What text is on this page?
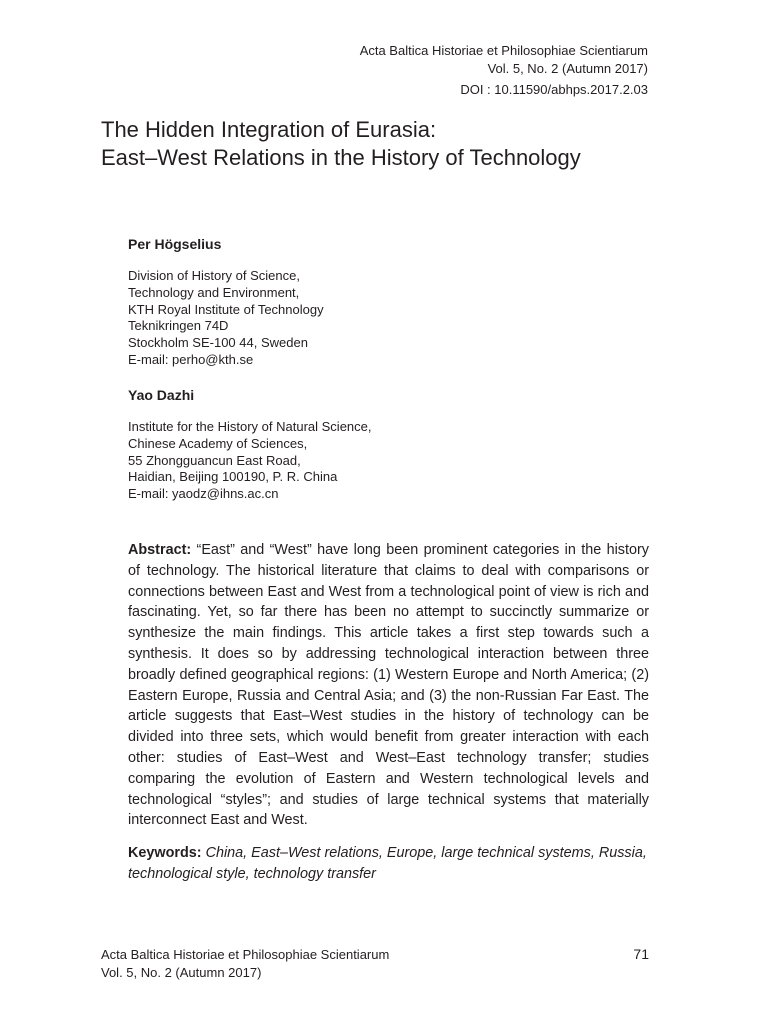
Acta Baltica Historiae et Philosophiae Scientiarum
Vol. 5, No. 2 (Autumn 2017)
DOI : 10.11590/abhps.2017.2.03
The Hidden Integration of Eurasia:
East–West Relations in the History of Technology
Per Högselius
Division of History of Science,
Technology and Environment,
KTH Royal Institute of Technology
Teknikringen 74D
Stockholm SE-100 44, Sweden
E-mail: perho@kth.se
Yao Dazhi
Institute for the History of Natural Science,
Chinese Academy of Sciences,
55 Zhongguancun East Road,
Haidian, Beijing 100190, P. R. China
E-mail: yaodz@ihns.ac.cn

Abstract: “East” and “West” have long been prominent categories in the history of technology. The historical literature that claims to deal with comparisons or connections between East and West from a technological point of view is rich and fascinating. Yet, so far there has been no attempt to succinctly summarize or synthesize the main findings. This article takes a first step towards such a synthesis. It does so by addressing technological interaction between three broadly defined geographical regions: (1) Western Europe and North America; (2) Eastern Europe, Russia and Central Asia; and (3) the non-Russian Far East. The article suggests that East–West studies in the history of technology can be divided into three sets, which would benefit from greater interaction with each other: studies of East–West and West–East technology transfer; studies comparing the evolution of Eastern and Western technological levels and technological “styles”; and studies of large technical systems that materially interconnect East and West.

Keywords: China, East–West relations, Europe, large technical systems, Russia, technological style, technology transfer

Acta Baltica Historiae et Philosophiae Scientiarum
Vol. 5, No. 2 (Autumn 2017)
71
